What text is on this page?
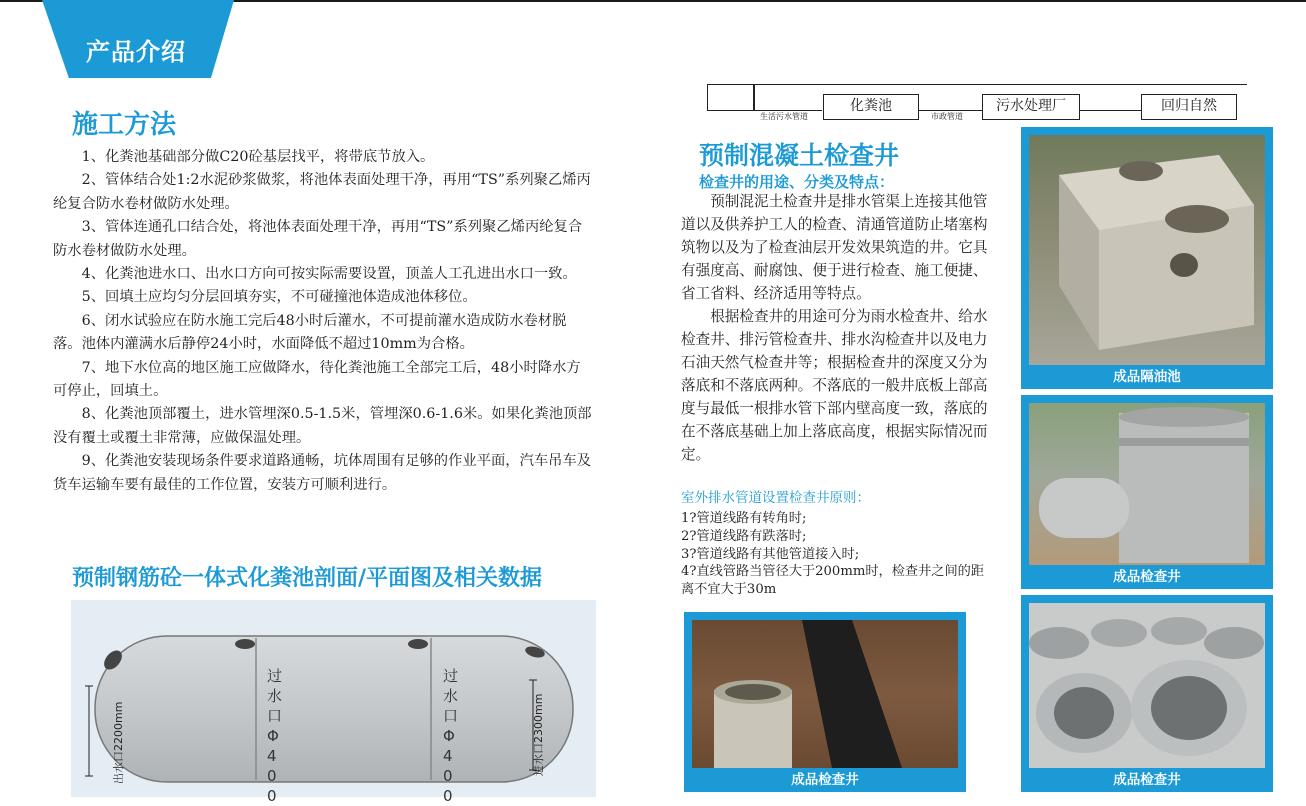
产品介绍
施工方法
1、化粪池基础部分做C20砼基层找平，将带底节放入。
2、管体结合处1:2水泥砂浆做浆，将池体表面处理干净，再用“TS”系列聚乙烯丙纶复合防水卷材做防水处理。
3、管体连通孔口结合处，将池体表面处理干净，再用“TS”系列聚乙烯丙纶复合防水卷材做防水处理。
4、化粪池进水口、出水口方向可按实际需要设置，顶盖人工孔进出水口一致。
5、回填土应均匀分层回填夯实，不可碰撞池体造成池体移位。
6、闭水试验应在防水施工完后48小时后灌水，不可提前灌水造成防水卷材脱落。池体内灌满水后静停24小时，水面降低不超过10mm为合格。
7、地下水位高的地区施工应做降水，待化粪池施工全部完工后，48小时降水方可停止，回填土。
8、化粪池顶部覆土，进水管埋深0.5-1.5米，管埋深0.6-1.6米。如果化粪池顶部没有覆土或覆土非常薄，应做保温处理。
9、化粪池安装现场条件要求道路通畅，坑体周围有足够的作业平面，汽车吊车及货车运输车要有最佳的工作位置，安装方可顺利进行。
预制钢筋砼一体式化粪池剖面/平面图及相关数据
出水口2200mm	进水口2300mm
过水口 Φ400
过水口 Φ400
生活污水管道
化粪池
市政管道
污水处理厂	回归自然
预制混凝土检查井
检查井的用途、分类及特点：

预制混泥土检查井是排水管渠上连接其他管道以及供养护工人的检查、清通管道防止堵塞构筑物以及为了检查油层开发效果筑造的井。它具有强度高、耐腐蚀、便于进行检查、施工便捷、省工省料、经济适用等特点。

根据检查井的用途可分为雨水检查井、给水检查井、排污管检查井、排水沟检查井以及电力石油天然气检查井等；根据检查井的深度又分为落底和不落底两种。不落底的一般井底板上部高度与最低一根排水管下部内壁高度一致，落底的在不落底基础上加上落底高度，根据实际情况而定。

室外排水管道设置检查井原则：
1?管道线路有转角时;
2?管道线路有跌落时;
3?管道线路有其他管道接入时;
4?直线管路当管径大于200mm时，检查井之间的距离不宜大于30m
成品隔油池
成品检查井
成品检查井
成品检查井
